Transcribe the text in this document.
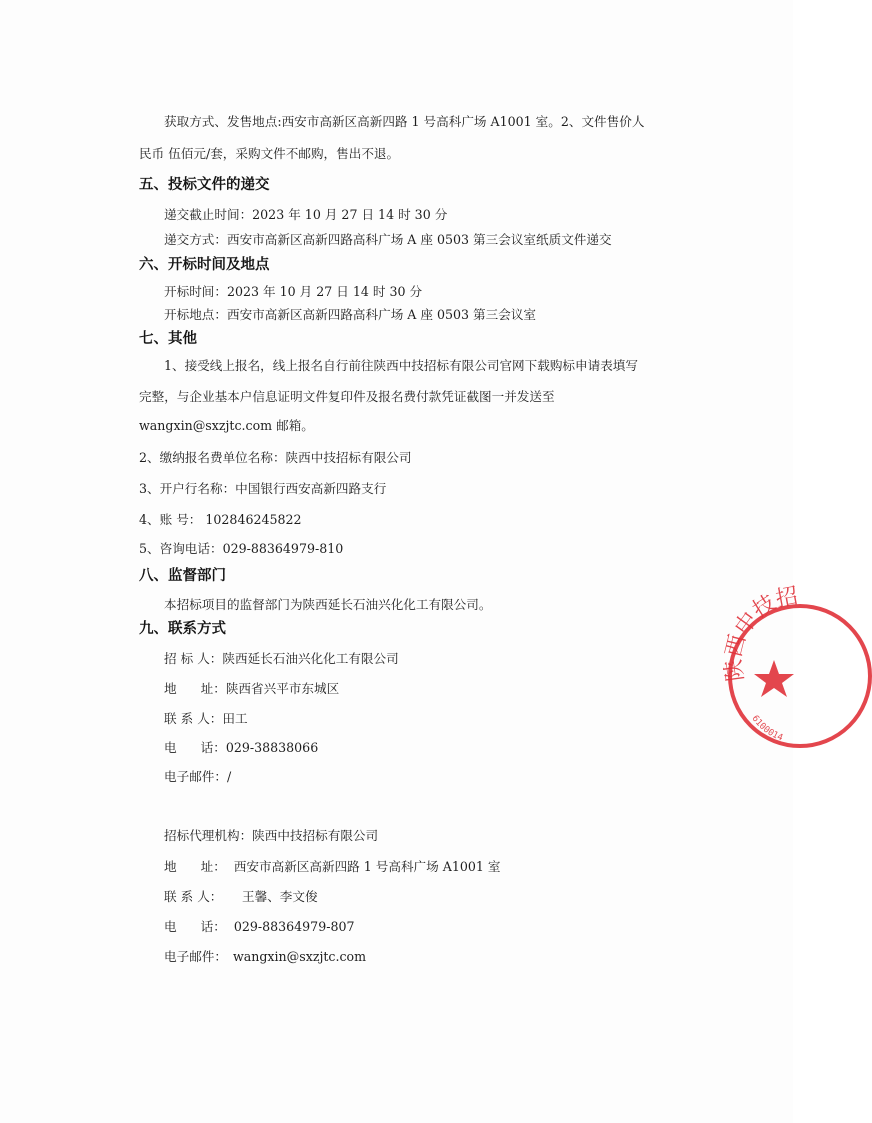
获取方式、发售地点:西安市高新区高新四路 1 号高科广场 A1001 室。2、文件售价人
民币 伍佰元/套，采购文件不邮购，售出不退。
五、投标文件的递交
递交截止时间：2023 年 10 月 27 日 14 时 30 分
递交方式：西安市高新区高新四路高科广场 A 座 0503 第三会议室纸质文件递交
六、开标时间及地点
开标时间：2023 年 10 月 27 日 14 时 30 分
开标地点：西安市高新区高新四路高科广场 A 座 0503 第三会议室
七、其他
1、接受线上报名，线上报名自行前往陕西中技招标有限公司官网下载购标申请表填写
完整，与企业基本户信息证明文件复印件及报名费付款凭证截图一并发送至
wangxin@sxzjtc.com 邮箱。
2、缴纳报名费单位名称：陕西中技招标有限公司
3、开户行名称：中国银行西安高新四路支行
4、账 号： 102846245822
5、咨询电话：029-88364979-810
八、监督部门
本招标项目的监督部门为陕西延长石油兴化化工有限公司。
九、联系方式
招 标 人：陕西延长石油兴化化工有限公司
地      址：陕西省兴平市东城区
联 系 人：田工
电      话：029-38838066
电子邮件：/
招标代理机构：陕西中技招标有限公司
地      址： 西安市高新区高新四路 1 号高科广场 A1001 室
联 系 人： 王馨、李文俊
电      话： 029-88364979-807
电子邮件： wangxin@sxzjtc.com
陕西中技招
6100014
